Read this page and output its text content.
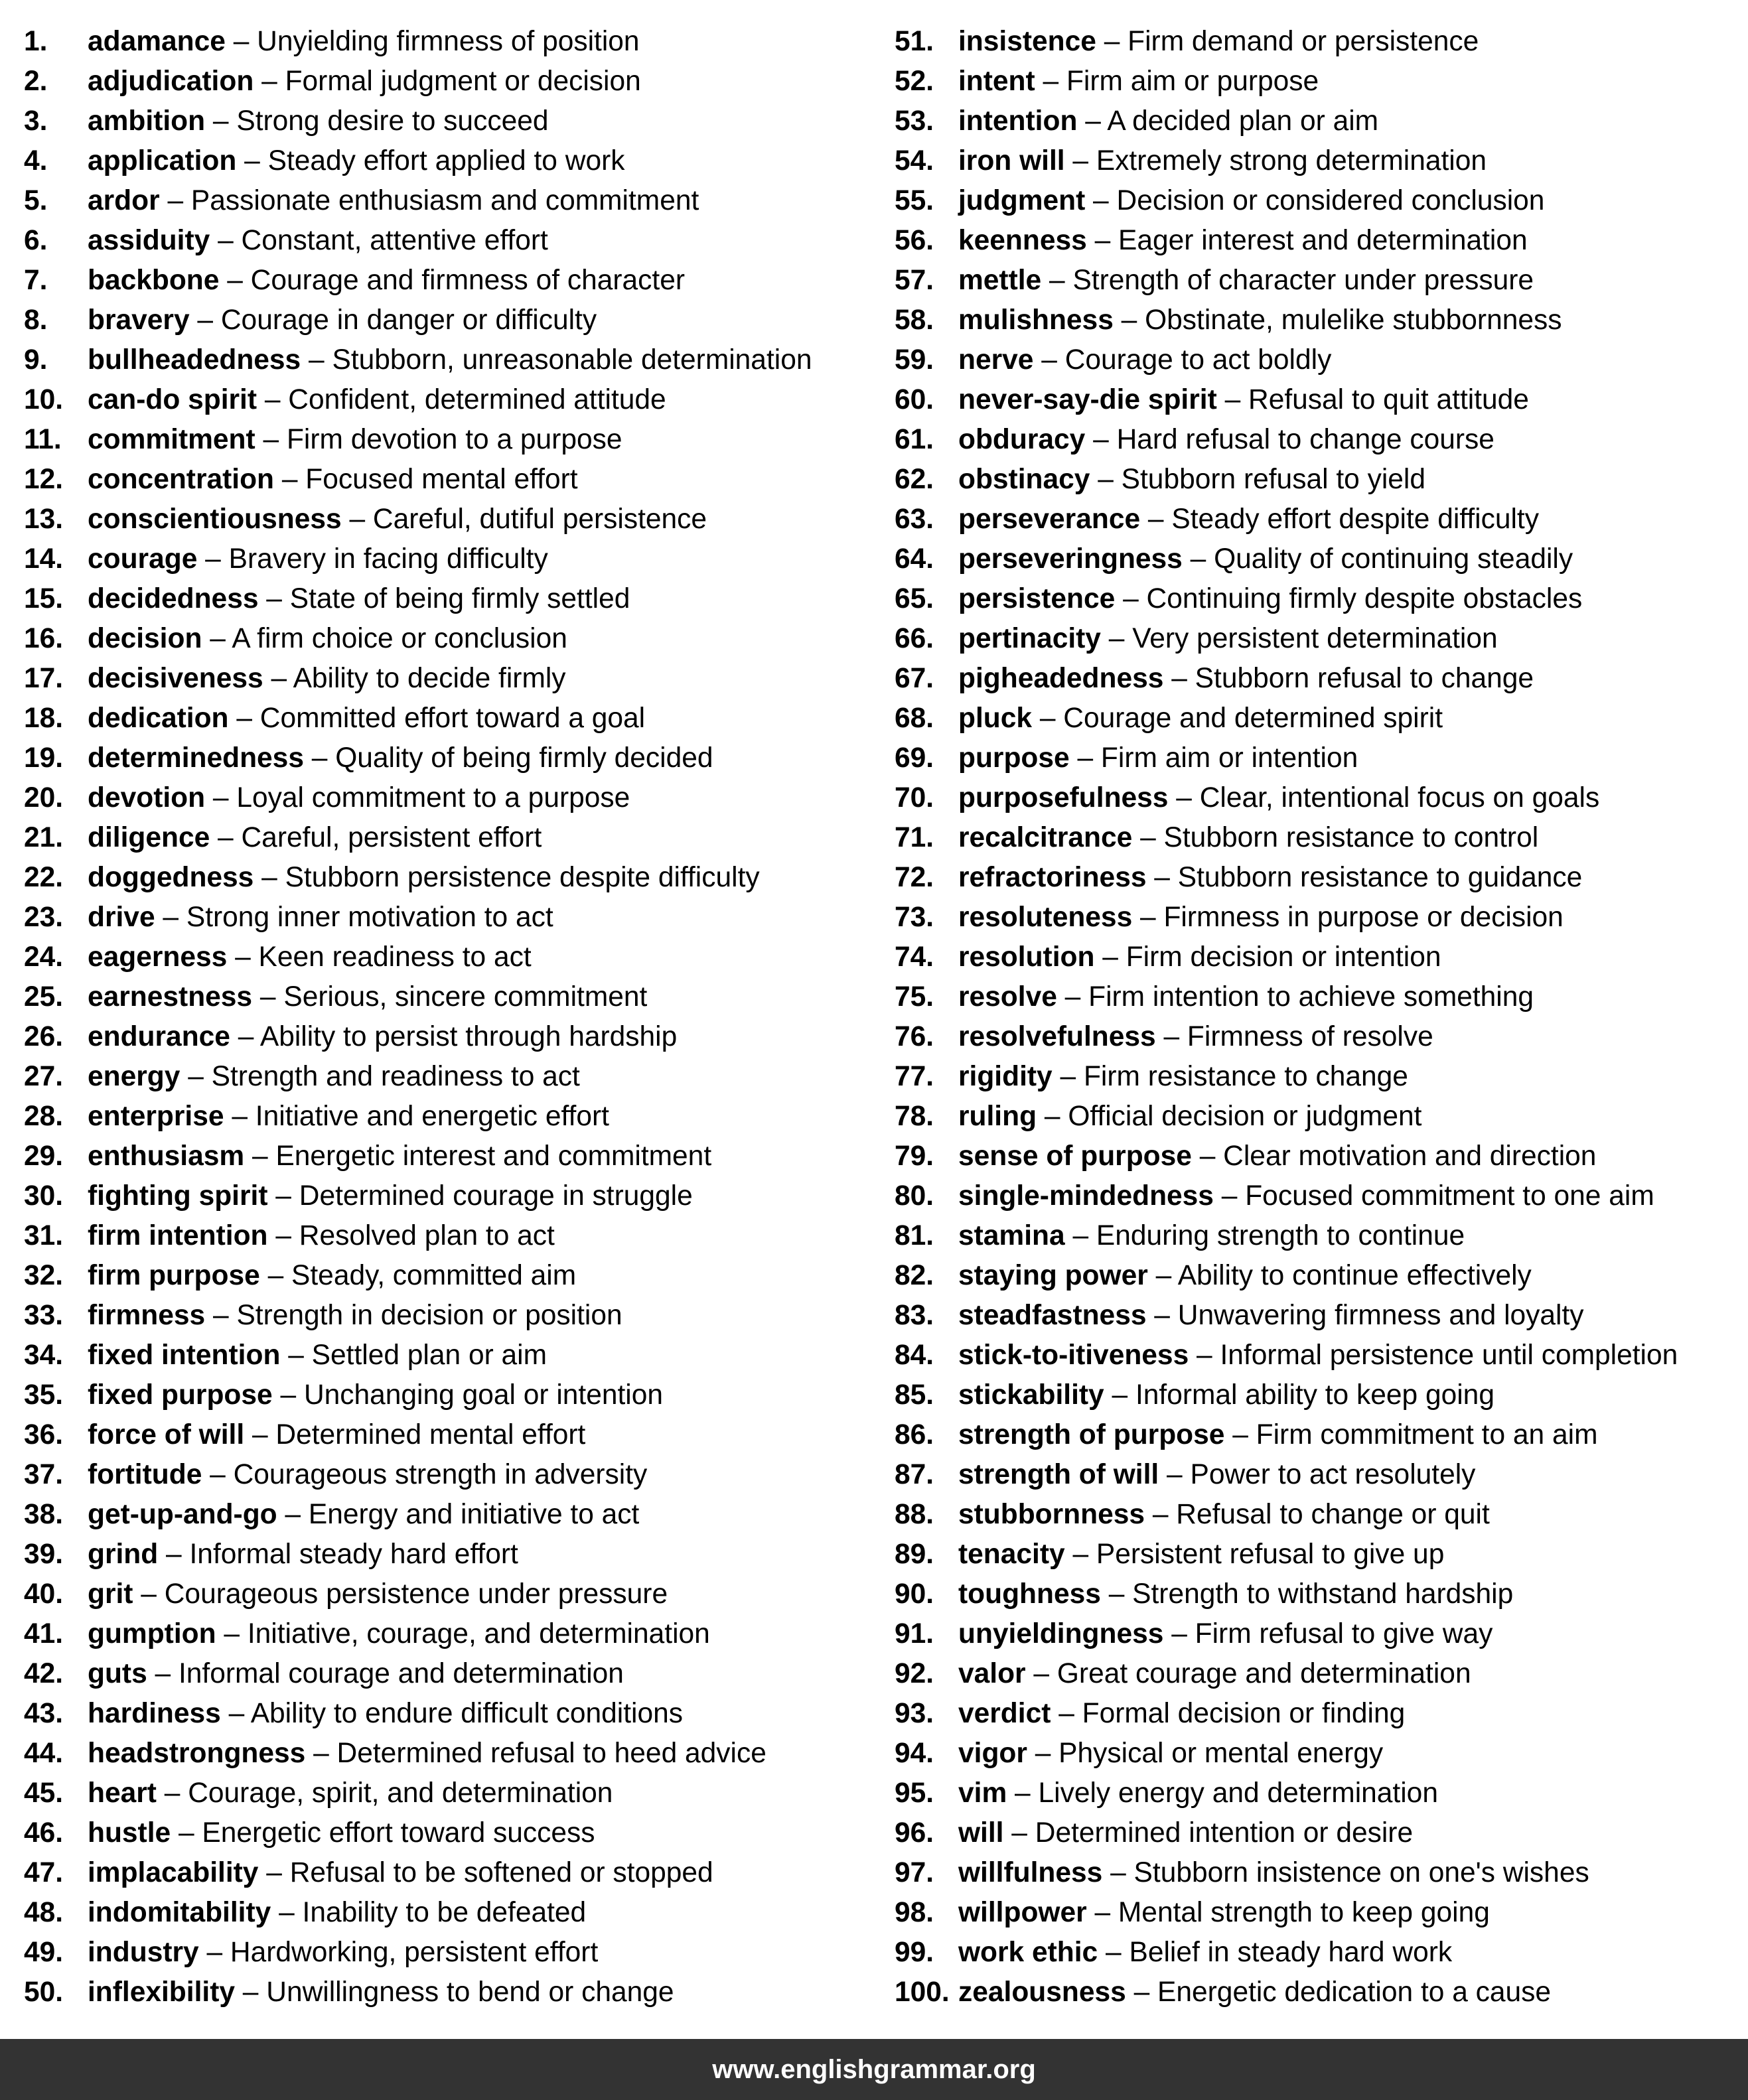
1.	adamance – Unyielding firmness of position
2.	adjudication – Formal judgment or decision
3.	ambition – Strong desire to succeed
4.	application – Steady effort applied to work
5.	ardor – Passionate enthusiasm and commitment
6.	assiduity – Constant, attentive effort
7.	backbone – Courage and firmness of character
8.	bravery – Courage in danger or difficulty
9.	bullheadedness – Stubborn, unreasonable determination
10. can-do spirit – Confident, determined attitude
11. commitment – Firm devotion to a purpose
12. concentration – Focused mental effort
13. conscientiousness – Careful, dutiful persistence
14. courage – Bravery in facing difficulty
15. decidedness – State of being firmly settled
16. decision – A firm choice or conclusion
17. decisiveness – Ability to decide firmly
18. dedication – Committed effort toward a goal
19. determinedness – Quality of being firmly decided
20. devotion – Loyal commitment to a purpose
21. diligence – Careful, persistent effort
22. doggedness – Stubborn persistence despite difficulty
23. drive – Strong inner motivation to act
24. eagerness – Keen readiness to act
25. earnestness – Serious, sincere commitment
26. endurance – Ability to persist through hardship
27. energy – Strength and readiness to act
28. enterprise – Initiative and energetic effort
29. enthusiasm – Energetic interest and commitment
30. fighting spirit – Determined courage in struggle
31. firm intention – Resolved plan to act
32. firm purpose – Steady, committed aim
33. firmness – Strength in decision or position
34. fixed intention – Settled plan or aim
35. fixed purpose – Unchanging goal or intention
36. force of will – Determined mental effort
37. fortitude – Courageous strength in adversity
38. get-up-and-go – Energy and initiative to act
39. grind – Informal steady hard effort
40. grit – Courageous persistence under pressure
41. gumption – Initiative, courage, and determination
42. guts – Informal courage and determination
43. hardiness – Ability to endure difficult conditions
44. headstrongness – Determined refusal to heed advice
45. heart – Courage, spirit, and determination
46. hustle – Energetic effort toward success
47. implacability – Refusal to be softened or stopped
48. indomitability – Inability to be defeated
49. industry – Hardworking, persistent effort
50. inflexibility – Unwillingness to bend or change
51. insistence – Firm demand or persistence
52. intent – Firm aim or purpose
53. intention – A decided plan or aim
54. iron will – Extremely strong determination
55. judgment – Decision or considered conclusion
56. keenness – Eager interest and determination
57. mettle – Strength of character under pressure
58. mulishness – Obstinate, mulelike stubbornness
59. nerve – Courage to act boldly
60. never-say-die spirit – Refusal to quit attitude
61. obduracy – Hard refusal to change course
62. obstinacy – Stubborn refusal to yield
63. perseverance – Steady effort despite difficulty
64. perseveringness – Quality of continuing steadily
65. persistence – Continuing firmly despite obstacles
66. pertinacity – Very persistent determination
67. pigheadedness – Stubborn refusal to change
68. pluck – Courage and determined spirit
69. purpose – Firm aim or intention
70. purposefulness – Clear, intentional focus on goals
71. recalcitrance – Stubborn resistance to control
72. refractoriness – Stubborn resistance to guidance
73. resoluteness – Firmness in purpose or decision
74. resolution – Firm decision or intention
75. resolve – Firm intention to achieve something
76. resolvefulness – Firmness of resolve
77. rigidity – Firm resistance to change
78. ruling – Official decision or judgment
79. sense of purpose – Clear motivation and direction
80. single-mindedness – Focused commitment to one aim
81. stamina – Enduring strength to continue
82. staying power – Ability to continue effectively
83. steadfastness – Unwavering firmness and loyalty
84. stick-to-itiveness – Informal persistence until completion
85. stickability – Informal ability to keep going
86. strength of purpose – Firm commitment to an aim
87. strength of will – Power to act resolutely
88. stubbornness – Refusal to change or quit
89. tenacity – Persistent refusal to give up
90. toughness – Strength to withstand hardship
91. unyieldingness – Firm refusal to give way
92. valor – Great courage and determination
93. verdict – Formal decision or finding
94. vigor – Physical or mental energy
95. vim – Lively energy and determination
96. will – Determined intention or desire
97. willfulness – Stubborn insistence on one's wishes
98. willpower – Mental strength to keep going
99. work ethic – Belief in steady hard work
100. zealousness – Energetic dedication to a cause
www.englishgrammar.org
